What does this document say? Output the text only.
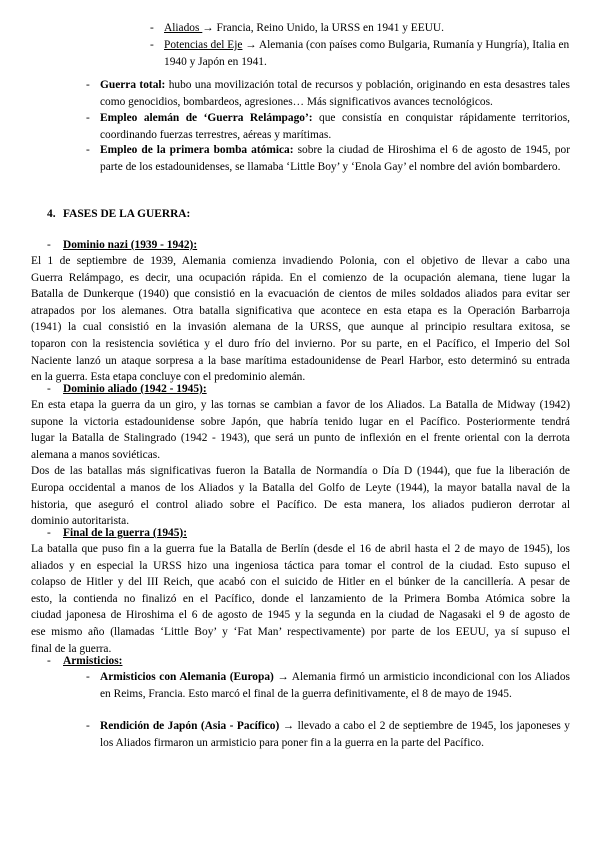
- Aliados → Francia, Reino Unido, la URSS en 1941 y EEUU.
- Potencias del Eje → Alemania (con países como Bulgaria, Rumanía y Hungría), Italia en 1940 y Japón en 1941.
- Guerra total: hubo una movilización total de recursos y población, originando en esta desastres tales como genocidios, bombardeos, agresiones… Más significativos avances tecnológicos.
- Empleo alemán de ‘Guerra Relámpago’: que consistía en conquistar rápidamente territorios, coordinando fuerzas terrestres, aéreas y marítimas.
- Empleo de la primera bomba atómica: sobre la ciudad de Hiroshima el 6 de agosto de 1945, por parte de los estadounidenses, se llamaba ‘Little Boy’ y ‘Enola Gay’ el nombre del avión bombardero.
4. FASES DE LA GUERRA:
-	Dominio nazi (1939 - 1942):
El 1 de septiembre de 1939, Alemania comienza invadiendo Polonia, con el objetivo de llevar a cabo una
Guerra Relámpago, es decir, una ocupación rápida. En el comienzo de la ocupación alemana, tiene lugar la
Batalla de Dunkerque (1940) que consistió en la evacuación de cientos de miles soldados aliados para evitar ser
atrapados por los alemanes. Otra batalla significativa que acontece en esta etapa es la Operación Barbarroja
(1941) la cual consistió en la invasión alemana de la URSS, que aunque al principio resultara exitosa, se
toparon con la resistencia soviética y el duro frío del invierno. Por su parte, en el Pacífico, el Imperio del Sol
Naciente lanzó un ataque sorpresa a la base marítima estadounidense de Pearl Harbor, esto determinó su entrada
en la guerra. Esta etapa concluye con el predominio alemán.
-	Dominio aliado (1942 - 1945):
En esta etapa la guerra da un giro, y las tornas se cambian a favor de los Aliados. La Batalla de Midway (1942)
supone la victoria estadounidense sobre Japón, que habría tenido lugar en el Pacífico. Posteriormente tendrá
lugar la Batalla de Stalingrado (1942 - 1943), que será un punto de inflexión en el frente oriental con la derrota
alemana a manos soviéticas.
Dos de las batallas más significativas fueron la Batalla de Normandía o Día D (1944), que fue la liberación de
Europa occidental a manos de los Aliados y la Batalla del Golfo de Leyte (1944), la mayor batalla naval de la
historia, que aseguró el control aliado sobre el Pacífico. De esta manera, los aliados pudieron derrotar al
dominio autoritarista.
-	Final de la guerra (1945):
La batalla que puso fin a la guerra fue la Batalla de Berlín (desde el 16 de abril hasta el 2 de mayo de 1945), los
aliados y en especial la URSS hizo una ingeniosa táctica para tomar el control de la ciudad. Esto supuso el
colapso de Hitler y del III Reich, que acabó con el suicido de Hitler en el búnker de la cancillería. A pesar de
esto, la contienda no finalizó en el Pacífico, donde el lanzamiento de la Primera Bomba Atómica sobre la
ciudad japonesa de Hiroshima el 6 de agosto de 1945 y la segunda en la ciudad de Nagasaki el 9 de agosto de
ese mismo año (llamadas ‘Little Boy’ y ‘Fat Man’ respectivamente) por parte de los EEUU, ya sí supuso el
final de la guerra.
-	Armisticios:
- Armisticios con Alemania (Europa) → Alemania firmó un armisticio incondicional con los Aliados en Reims, Francia. Esto marcó el final de la guerra definitivamente, el 8 de mayo de 1945.
- Rendición de Japón (Asia - Pacífico) → llevado a cabo el 2 de septiembre de 1945, los japoneses y los Aliados firmaron un armisticio para poner fin a la guerra en la parte del Pacífico.
